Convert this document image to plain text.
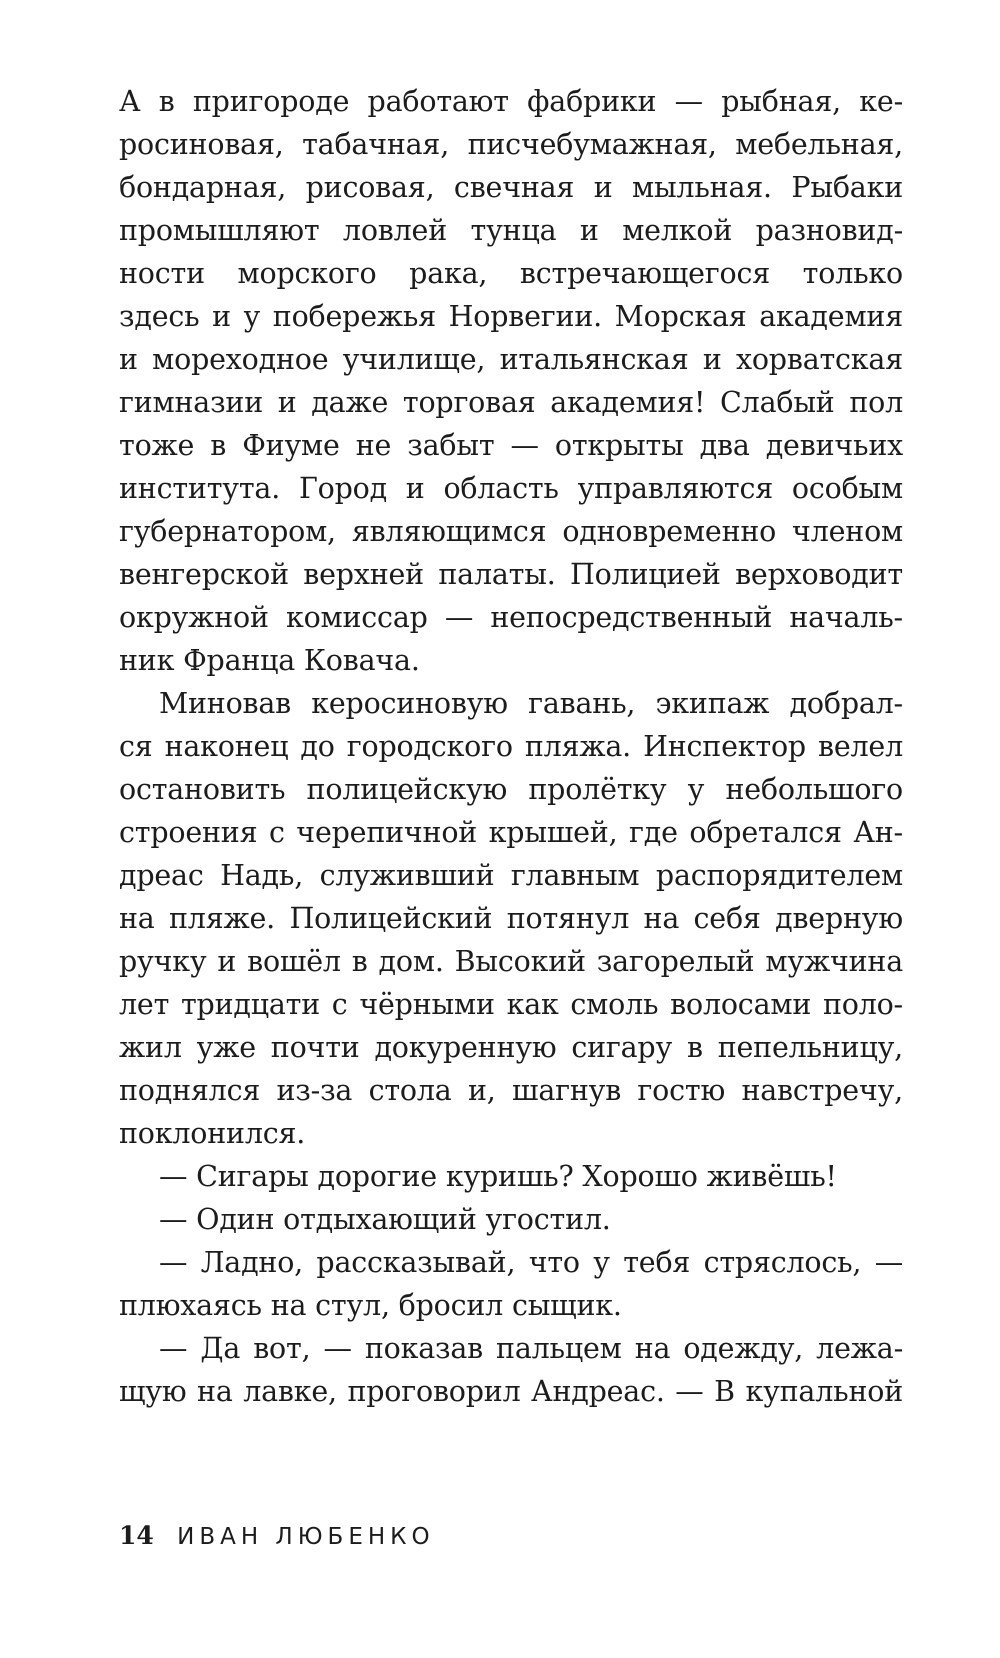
А в пригороде работают фабрики — рыбная, ке-
росиновая, табачная, писчебумажная, мебельная,
бондарная, рисовая, свечная и мыльная. Рыбаки
промышляют ловлей тунца и мелкой разновид-
ности морского рака, встречающегося только
здесь и у побережья Норвегии. Морская академия
и мореходное училище, итальянская и хорватская
гимназии и даже торговая академия! Слабый пол
тоже в Фиуме не забыт — открыты два девичьих
института. Город и область управляются особым
губернатором, являющимся одновременно членом
венгерской верхней палаты. Полицией верховодит
окружной комиссар — непосредственный началь-
ник Франца Ковача.
Миновав керосиновую гавань, экипаж добрал-
ся наконец до городского пляжа. Инспектор велел
остановить полицейскую пролётку у небольшого
строения с черепичной крышей, где обретался Ан-
дреас Надь, служивший главным распорядителем
на пляже. Полицейский потянул на себя дверную
ручку и вошёл в дом. Высокий загорелый мужчина
лет тридцати с чёрными как смоль волосами поло-
жил уже почти докуренную сигару в пепельницу,
поднялся из-за стола и, шагнув гостю навстречу,
поклонился.
— Сигары дорогие куришь? Хорошо живёшь!
— Один отдыхающий угостил.
— Ладно, рассказывай, что у тебя стряслось, —
плюхаясь на стул, бросил сыщик.
— Да вот, — показав пальцем на одежду, лежа-
щую на лавке, проговорил Андреас. — В купальной
14 ИВАН ЛЮБЕНКО
